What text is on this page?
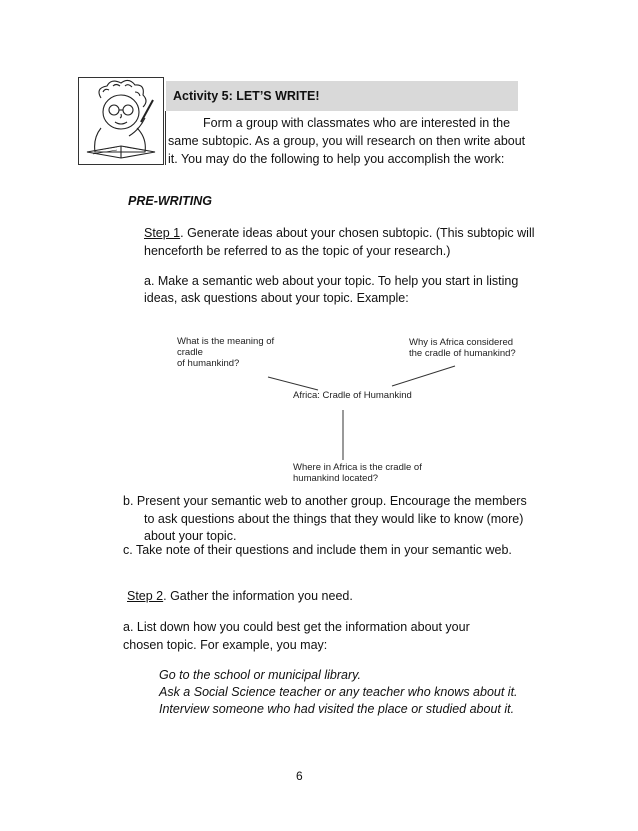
Activity 5: LET’S WRITE!
Form a group with classmates who are interested in the
same subtopic. As a group, you will research on then write about
it. You may do the following to help you accomplish the work:
PRE-WRITING
Step 1. Generate ideas about your chosen subtopic. (This subtopic will
henceforth be referred to as the topic of your research.)
a. Make a semantic web about your topic. To help you start in listing
ideas, ask questions about your topic. Example:
What is the meaning of
cradle
of humankind?
Why is Africa considered
the cradle of humankind?
Africa: Cradle of Humankind
Where in Africa is the cradle of
humankind located?
b. Present your semantic web to another group. Encourage the members
to ask questions about the things that they would like to know (more)
about your topic.
c. Take note of their questions and include them in your semantic web.
Step 2. Gather the information you need.
a. List down how you could best get the information about your
chosen topic. For example, you may:
Go to the school or municipal library.
Ask a Social Science teacher or any teacher who knows about it.
Interview someone who had visited the place or studied about it.
6
